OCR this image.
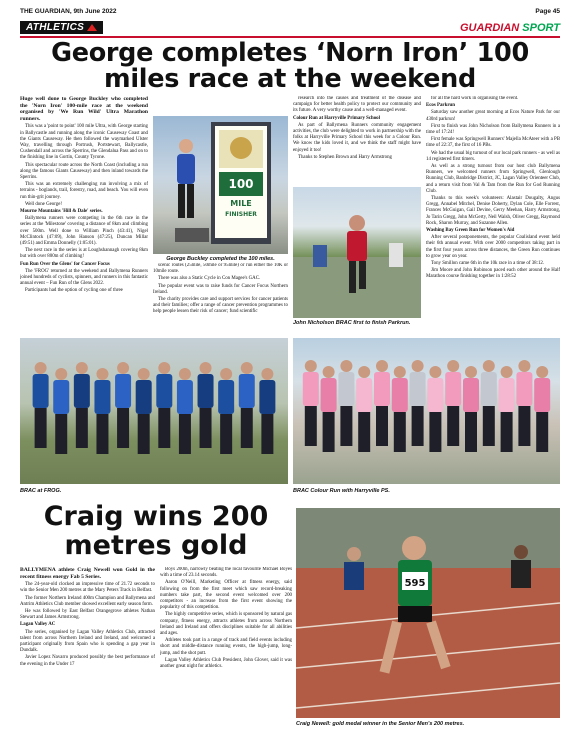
THE GUARDIAN, 9th June 2022	Page 45
ATHLETICS	GUARDIAN SPORT
George completes ‘Norn Iron’ 100
miles race at the weekend

Huge well done to George Buckley who completed the 'Norn Iron' 100-mile race at the weekend organised by 'We Run Wild' Ultra Marathon runners.

This was a 'point to point' 100 mile Ultra, with George starting in Ballycastle and running along the iconic Causeway Coast and the Giants Causeway. He then followed the waymarked Ulster Way, travelling through Portrush, Portstewart, Ballycastle, Cushendall and across the Sperrins, the Glendalua Pass and on to the finishing line in Gortin, County Tyrone.

This spectacular route across the North Coast (including a run along the famous Giants Causeway) and then inland towards the Sperrins.

This was an extremely challenging run involving a mix of terrains - boglands, trail, forestry, road, and beach. You will even run thin-grit journey.

Well done George!

Mourne Mountains 'Hill & Dale' series.

Ballymena runners were competing in the 6th race in the series at the 'Milestone' covering a distance of 8km and climbing over 500m. Well done to William Pinch (43:41), Nigel McClintock (47:09), John Hanson (47:25), Duncan Millar (49:51) and Emma Donnelly (1:05:01).

The next race in the series is at Loughshannagh covering 8km but with over 800m of climbing!

Fun Run Over the Glens' for Cancer Focus

The 'FROG' returned at the weekend and Ballymena Runners joined hundreds of cyclists, spinners, and runners in this fantastic annual event – Fun Run of the Glens 2022.

Participants had the option of cycling one of three

100
MILE
FINISHER
George Buckley completed the 100 miles.

scenic routes (25mile, 50mile or 95mile) or run either the 10K or 10mile route.

There was also a Static Cycle in Con Magee's GAC.

The popular event was to raise funds for Cancer Focus Northern Ireland.

The charity provides care and support services for cancer patients and their families; offer a range of cancer prevention programmes to help people lessen their risk of cancer; fund scientific

research into the causes and treatment of the disease and campaign for better health policy to protect our community and its future. A very worthy cause and a well-managed event.

Colour Run at Harryville Primary School

As part of Ballymena Runners community engagement activities, the club were delighted to work in partnership with the folks at Harryville Primary School this week for a Colour Run. We know the kids loved it, and we think the staff might have enjoyed it too!

Thanks to Stephen Brown and Harry Armstrong

John Nicholson BRAC first to finish Parkrun.

for all the hard work in organising the event.

Ecos Parkrun

Saturday saw another great morning at Ecos Nature Park for our 430rd parkrun!

First to finish was John Nicholson from Ballymena Runners in a time of 17:24!

First female was Springwell Runners' Majella McAteer with a PB time of 22:37, the first of 16 PBs.

We had the usual big turnout of our local park runners - as well as 14 registered first timers.

As well as a strong turnout from our host club Ballymena Runners, we welcomed runners from Springwell, Glenlough Running Club, Banbridge District, JC, Lagan Valley Orienteer Club, and a return visit from Val & Tam from the Run for God Running Club.

Thanks to this week's volunteers: Alastair Dougalty, Angus Gregg, Annabel Mitchel, Denise Doherty, Dylan Cole, Elle Forrest, Frances McGuigan, Gail Devine, Gerry Meehan, Harry Armstrong, Jo Tarin Gregg, John McGerty, Neil Walsh, Oliver Gregg, Raymond Rock, Sharon Murray, and Suzanne Allen.

Washing Bay Green Run for Women's Aid

After several postponements, the popular Coalisland event held their 6th annual event. With over 2000 competitors taking part in the first four years across three distances, the Green Run continues to grow year on year.

Tony Smillon came 6th in the 10k race in a time of 38:12.

Jim Moore and John Robinson paced each other around the Half Marathon course finishing together in 1:28:52

BRAC at FROG.	BRAC Colour Run with Harryville PS.
Craig wins 200
metres gold

BALLYMENA athlete Craig Newell won Gold in the recent fitness energy Fab 5 Series.

The 24-year-old clocked an impressive time of 21.72 seconds to win the Senior Men 200 metres at the Mary Peters Track in Belfast.

The former Northern Ireland 400m Champion and Ballymena and Antrim Athletics Club member showed excellent early season form.

He was followed by East Belfast Orangegrove athletes Nathan Stewart and James Armstrong.

Lagan Valley AC

The series, organised by Lagan Valley Athletics Club, attracted talent from across Northern Ireland and Ireland, and welcomed a participant originally from Spain who is spending a gap year in Dundalk.

Javier Lopez Navarro produced possibly the best performance of the evening in the Under 17

Boys 200m, narrowly beating the local favourite Michael Boyes with a time of 23.14 seconds.

Aaron O'Neill, Marketing Officer at fitness energy, said following on from the first meet which saw record-breaking numbers take part, the second event welcomed over 200 competitors - an increase from the first event showing the popularity of this competition.

The highly competitive series, which is sponsored by natural gas company, fitness energy, attracts athletes from across Northern Ireland and Ireland and offers disciplines suitable for all abilities and ages.

Athletes took part in a range of track and field events including short and middle-distance running events, the high-jump, long-jump, and the shot putt.

Lagan Valley Athletics Club President, John Glover, said it was another great night for athletics.

595
Craig Newell: gold medal winner in the Senior Men's 200 metres.
